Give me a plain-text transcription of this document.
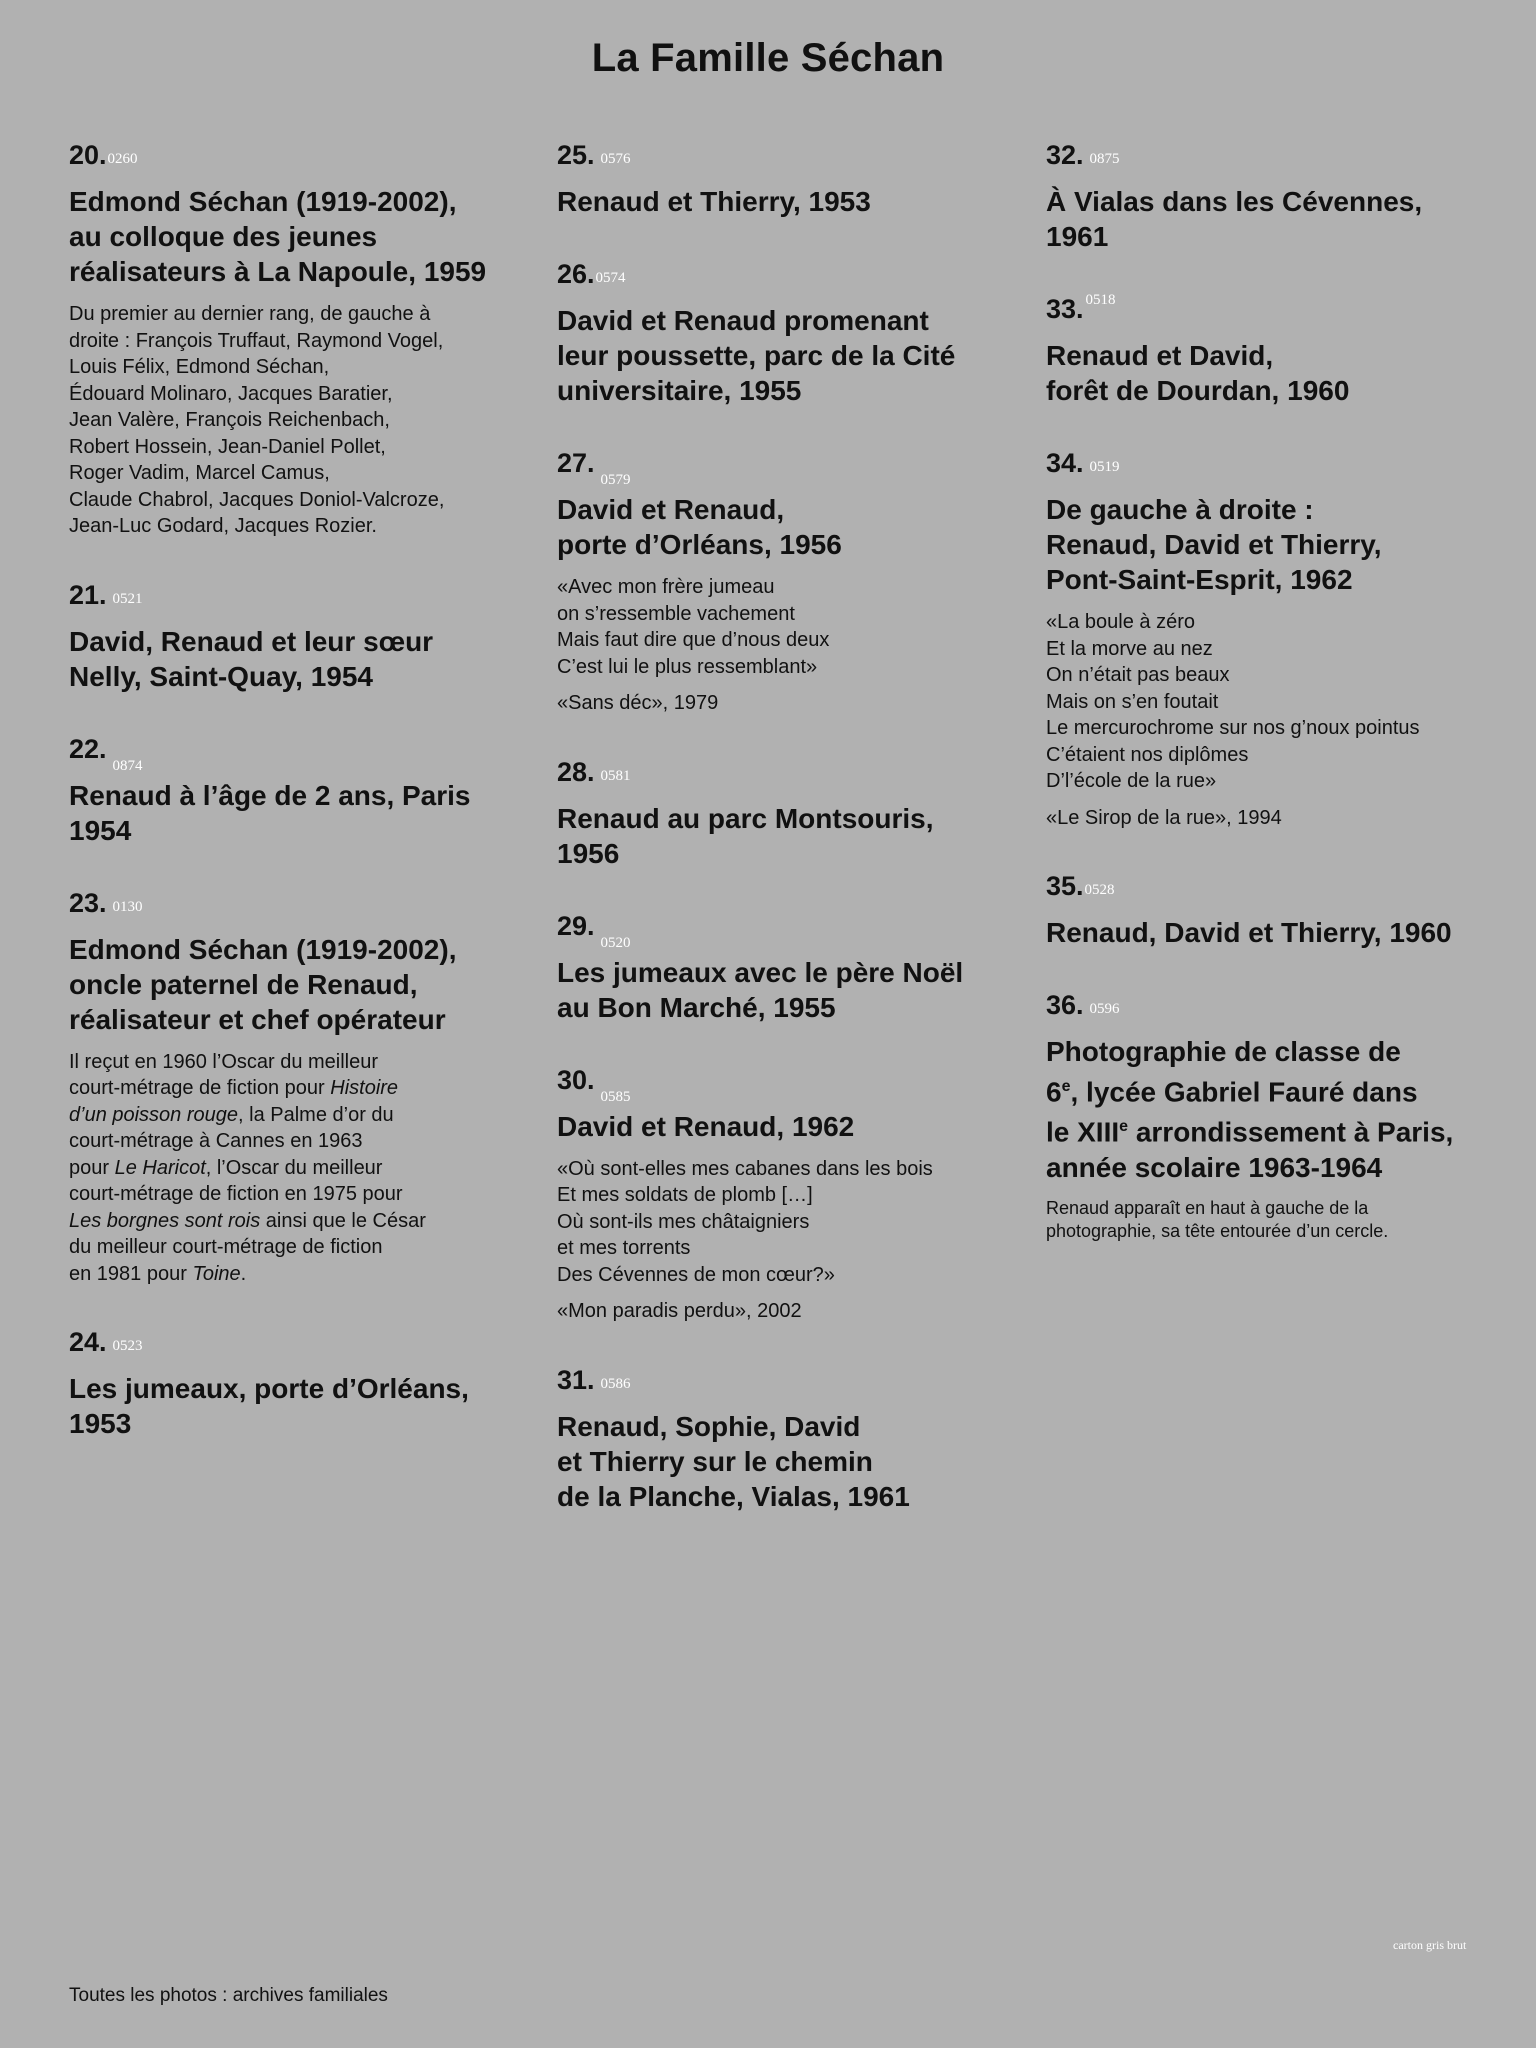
La Famille Séchan
20.0260
Edmond Séchan (1919-2002),
au colloque des jeunes
réalisateurs à La Napoule, 1959
Du premier au dernier rang, de gauche à
droite : François Truffaut, Raymond Vogel,
Louis Félix, Edmond Séchan,
Édouard Molinaro, Jacques Baratier,
Jean Valère, François Reichenbach,
Robert Hossein, Jean-Daniel Pollet,
Roger Vadim, Marcel Camus,
Claude Chabrol, Jacques Doniol-Valcroze,
Jean-Luc Godard, Jacques Rozier.
21. 0521
David, Renaud et leur sœur
Nelly, Saint-Quay, 1954
22.0874
Renaud à l’âge de 2 ans, Paris
1954
23. 0130
Edmond Séchan (1919-2002),
oncle paternel de Renaud,
réalisateur et chef opérateur
Il reçut en 1960 l’Oscar du meilleur
court-métrage de fiction pour Histoire
d’un poisson rouge, la Palme d’or du
court-métrage à Cannes en 1963
pour Le Haricot, l’Oscar du meilleur
court-métrage de fiction en 1975 pour
Les borgnes sont rois ainsi que le César
du meilleur court-métrage de fiction
en 1981 pour Toine.
24. 0523
Les jumeaux, porte d’Orléans,
1953
25. 0576
Renaud et Thierry, 1953
26.0574
David et Renaud promenant
leur poussette, parc de la Cité
universitaire, 1955
27.0579
David et Renaud,
porte d’Orléans, 1956
«Avec mon frère jumeau
on s’ressemble vachement
Mais faut dire que d’nous deux
C’est lui le plus ressemblant»
«Sans déc», 1979
28. 0581
Renaud au parc Montsouris,
1956
29.0520
Les jumeaux avec le père Noël
au Bon Marché, 1955
30.0585
David et Renaud, 1962
«Où sont-elles mes cabanes dans les bois
Et mes soldats de plomb […]
Où sont-ils mes châtaigniers
et mes torrents
Des Cévennes de mon cœur?»
«Mon paradis perdu», 2002
31. 0586
Renaud, Sophie, David
et Thierry sur le chemin
de la Planche, Vialas, 1961
32. 0875
À Vialas dans les Cévennes,
1961
33. 0518
Renaud et David,
forêt de Dourdan, 1960
34. 0519
De gauche à droite :
Renaud, David et Thierry,
Pont-Saint-Esprit, 1962
«La boule à zéro
Et la morve au nez
On n’était pas beaux
Mais on s’en foutait
Le mercurochrome sur nos g’noux pointus
C’étaient nos diplômes
D’l’école de la rue»
«Le Sirop de la rue», 1994
35.0528
Renaud, David et Thierry, 1960
36. 0596
Photographie de classe de
6e, lycée Gabriel Fauré dans
le XIIIe arrondissement à Paris,
année scolaire 1963-1964
Renaud apparaît en haut à gauche de la
photographie, sa tête entourée d’un cercle.
carton gris brut
Toutes les photos : archives familiales
